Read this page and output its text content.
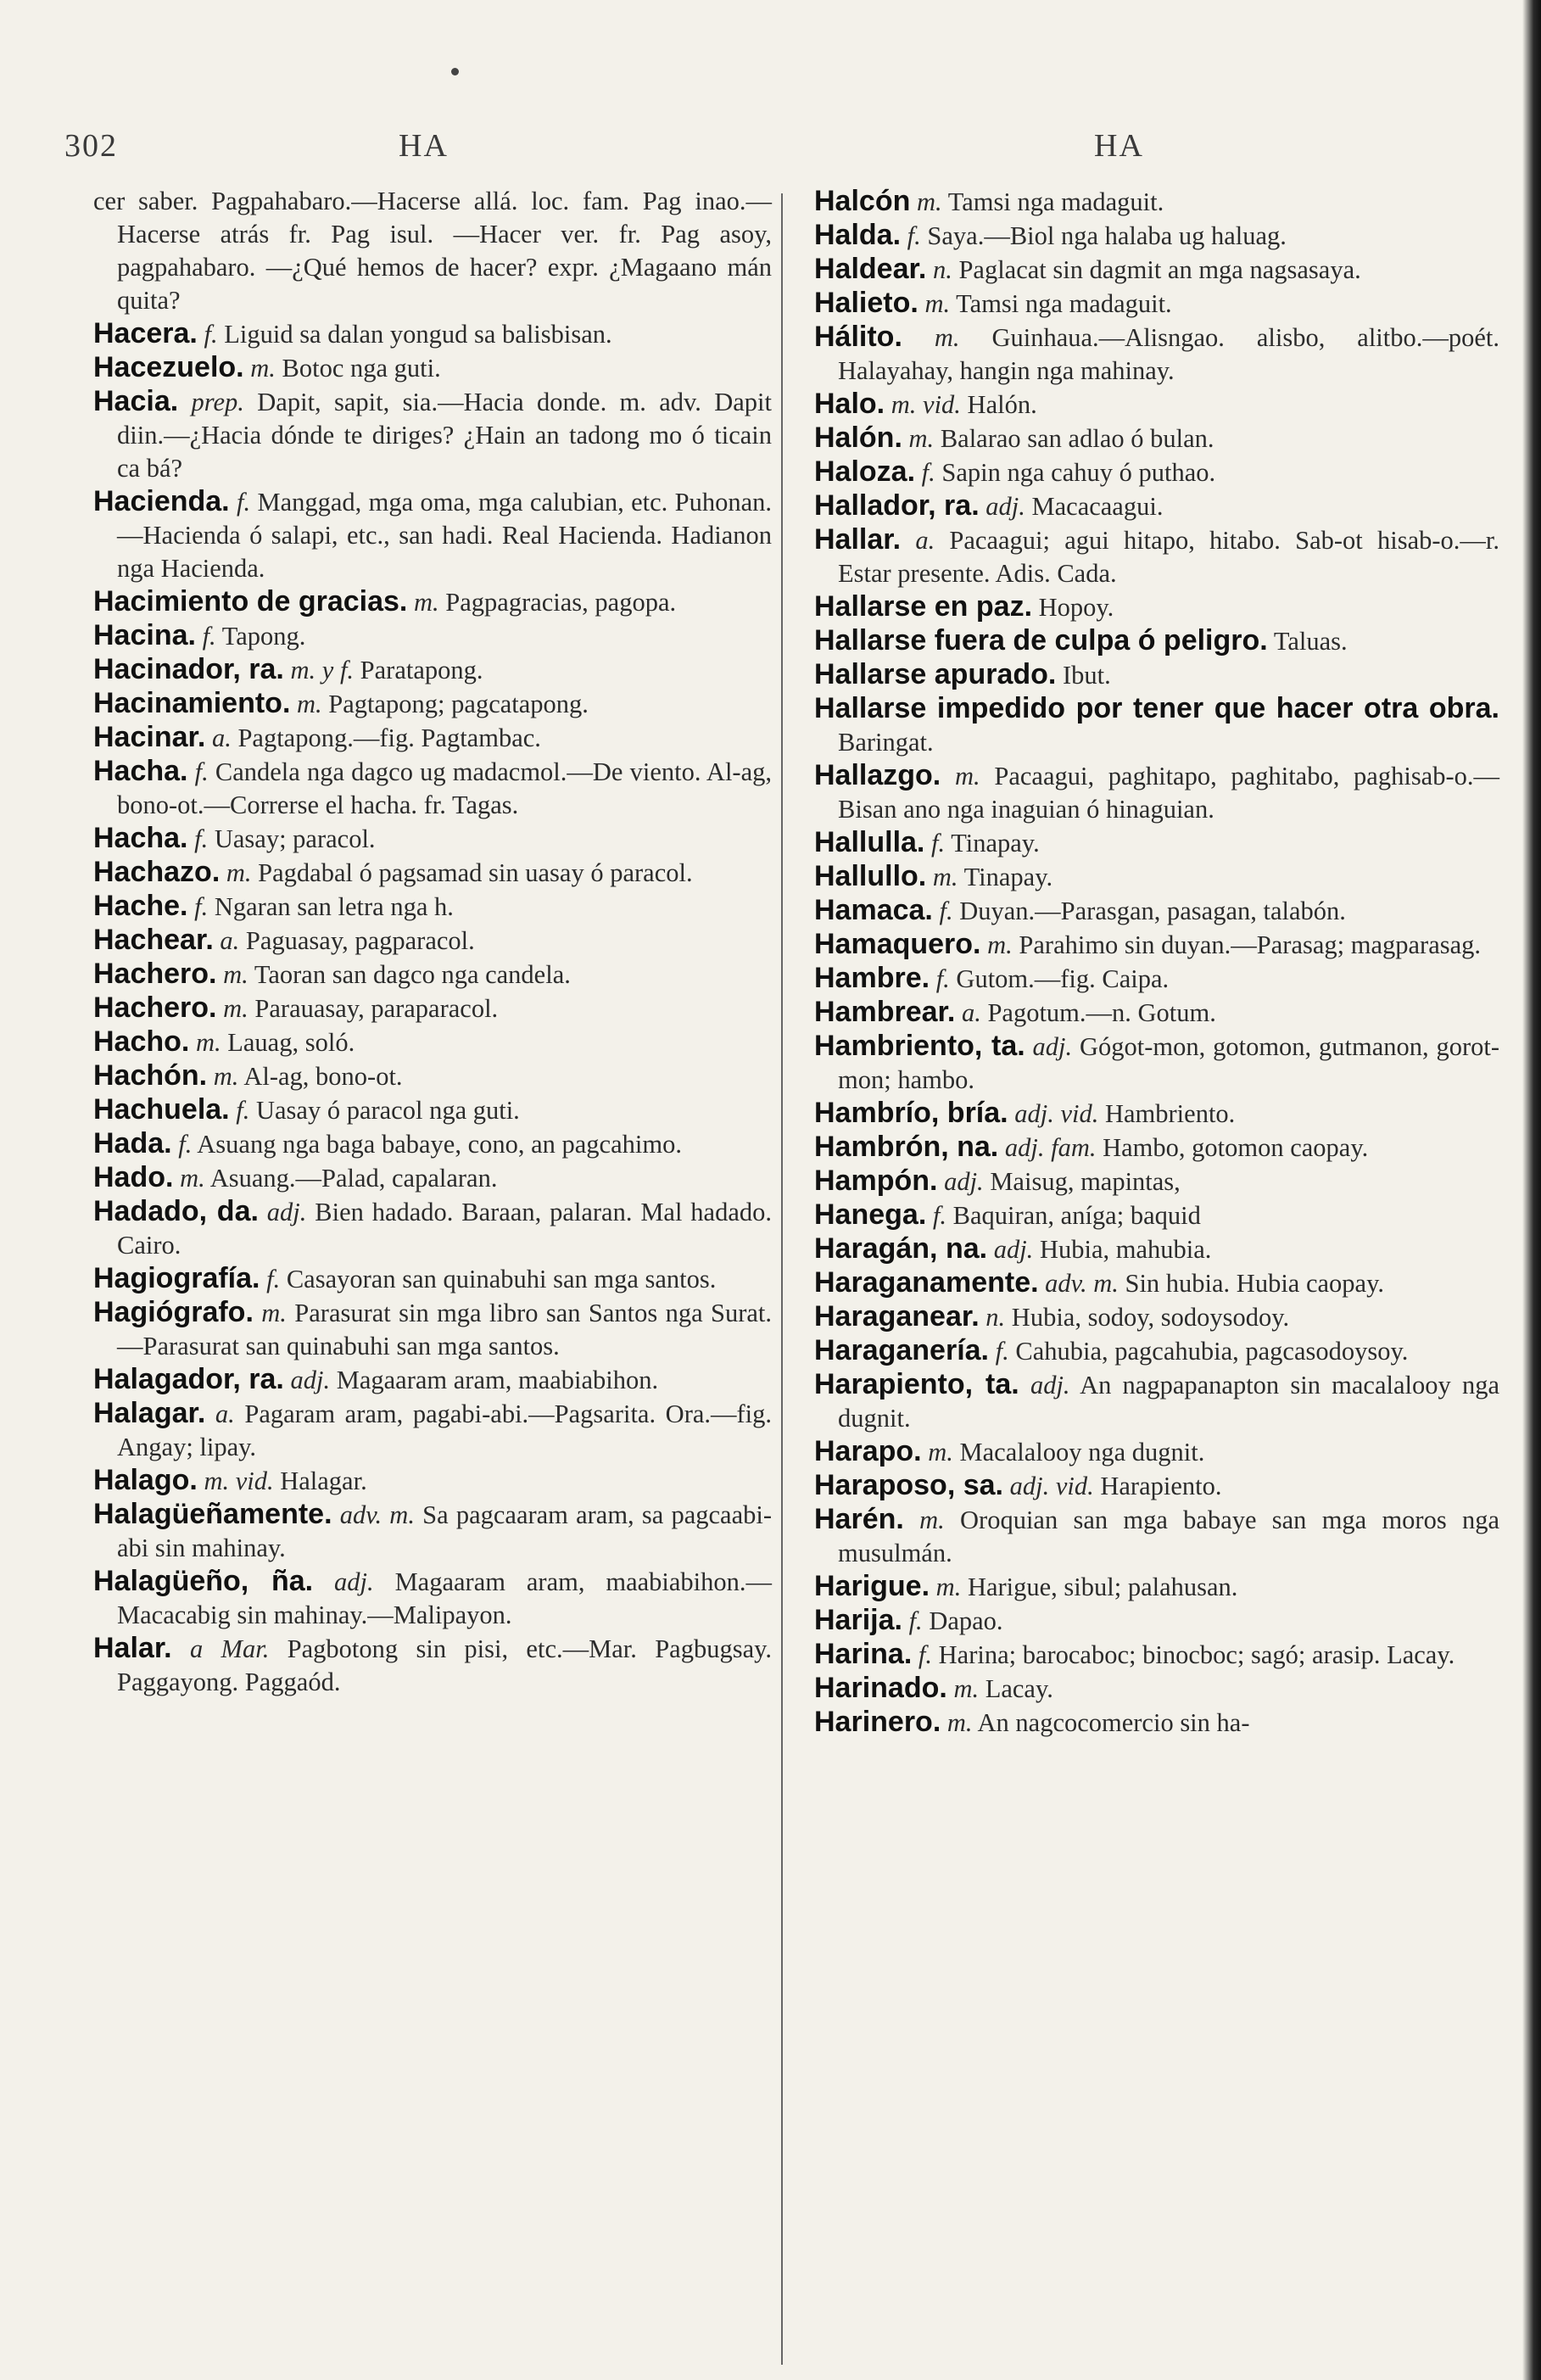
302	HA	HA
cer saber. Pagpahabaro.—Hacerse allá. loc. fam. Pag inao.—Hacerse atrás fr. Pag isul. —Hacer ver. fr. Pag asoy, pagpahabaro. —¿Qué hemos de hacer? expr. ¿Magaano mán quita?
Hacera. f. Liguid sa dalan yongud sa balisbisan.
Hacezuelo. m. Botoc nga guti.
Hacia. prep. Dapit, sapit, sia.—Hacia donde. m. adv. Dapit diin.—¿Hacia dónde te diriges? ¿Hain an tadong mo ó ticain ca bá?
Hacienda. f. Manggad, mga oma, mga calubian, etc. Puhonan.—Hacienda ó salapi, etc., san hadi. Real Hacienda. Hadianon nga Hacienda.
Hacimiento de gracias. m. Pagpagracias, pagopa.
Hacina. f. Tapong.
Hacinador, ra. m. y f. Paratapong.
Hacinamiento. m. Pagtapong; pagcatapong.
Hacinar. a. Pagtapong.—fig. Pagtambac.
Hacha. f. Candela nga dagco ug madacmol.—De viento. Al-ag, bono-ot.—Correrse el hacha. fr. Tagas.
Hacha. f. Uasay; paracol.
Hachazo. m. Pagdabal ó pagsamad sin uasay ó paracol.
Hache. f. Ngaran san letra nga h.
Hachear. a. Paguasay, pagparacol.
Hachero. m. Taoran san dagco nga candela.
Hachero. m. Parauasay, paraparacol.
Hacho. m. Lauag, soló.
Hachón. m. Al-ag, bono-ot.
Hachuela. f. Uasay ó paracol nga guti.
Hada. f. Asuang nga baga babaye, cono, an pagcahimo.
Hado. m. Asuang.—Palad, capalaran.
Hadado, da. adj. Bien hadado. Baraan, palaran. Mal hadado. Cairo.
Hagiografía. f. Casayoran san quinabuhi san mga santos.
Hagiógrafo. m. Parasurat sin mga libro san Santos nga Surat.—Parasurat san quinabuhi san mga santos.
Halagador, ra. adj. Magaaram aram, maabiabihon.
Halagar. a. Pagaram aram, pagabi-abi.—Pagsarita. Ora.—fig. Angay; lipay.
Halago. m. vid. Halagar.
Halagüeñamente. adv. m. Sa pagcaaram aram, sa pagcaabi-abi sin mahinay.
Halagüeño, ña. adj. Magaaram aram, maabiabihon.—Macacabig sin mahinay.—Malipayon.
Halar. a Mar. Pagbotong sin pisi, etc.—Mar. Pagbugsay. Paggayong. Paggaód.
Halcón m. Tamsi nga madaguit.
Halda. f. Saya.—Biol nga halaba ug haluag.
Haldear. n. Paglacat sin dagmit an mga nagsasaya.
Halieto. m. Tamsi nga madaguit.
Hálito. m. Guinhaua.—Alisngao. alisbo, alitbo.—poét. Halayahay, hangin nga mahinay.
Halo. m. vid. Halón.
Halón. m. Balarao san adlao ó bulan.
Haloza. f. Sapin nga cahuy ó puthao.
Hallador, ra. adj. Macacaagui.
Hallar. a. Pacaagui; agui hitapo, hitabo. Sab-ot hisab-o.—r. Estar presente. Adis. Cada.
Hallarse en paz. Hopoy.
Hallarse fuera de culpa ó peligro. Taluas.
Hallarse apurado. Ibut.
Hallarse impedido por tener que hacer otra obra. Baringat.
Hallazgo. m. Pacaagui, paghitapo, paghitabo, paghisab-o.—Bisan ano nga inaguian ó hinaguian.
Hallulla. f. Tinapay.
Hallullo. m. Tinapay.
Hamaca. f. Duyan.—Parasgan, pasagan, talabón.
Hamaquero. m. Parahimo sin duyan.—Parasag; magparasag.
Hambre. f. Gutom.—fig. Caipa.
Hambrear. a. Pagotum.—n. Gotum.
Hambriento, ta. adj. Gógot-mon, gotomon, gutmanon, gorot-mon; hambo.
Hambrío, bría. adj. vid. Hambriento.
Hambrón, na. adj. fam. Hambo, gotomon caopay.
Hampón. adj. Maisug, mapintas,
Hanega. f. Baquiran, aníga; baquid
Haragán, na. adj. Hubia, mahubia.
Haraganamente. adv. m. Sin hubia. Hubia caopay.
Haraganear. n. Hubia, sodoy, sodoysodoy.
Haraganería. f. Cahubia, pagcahubia, pagcasodoysoy.
Harapiento, ta. adj. An nagpapanapton sin macalalooy nga dugnit.
Harapo. m. Macalalooy nga dugnit.
Haraposo, sa. adj. vid. Harapiento.
Harén. m. Oroquian san mga babaye san mga moros nga musulmán.
Harigue. m. Harigue, sibul; palahusan.
Harija. f. Dapao.
Harina. f. Harina; barocaboc; binocboc; sagó; arasip. Lacay.
Harinado. m. Lacay.
Harinero. m. An nagcocomercio sin ha-
